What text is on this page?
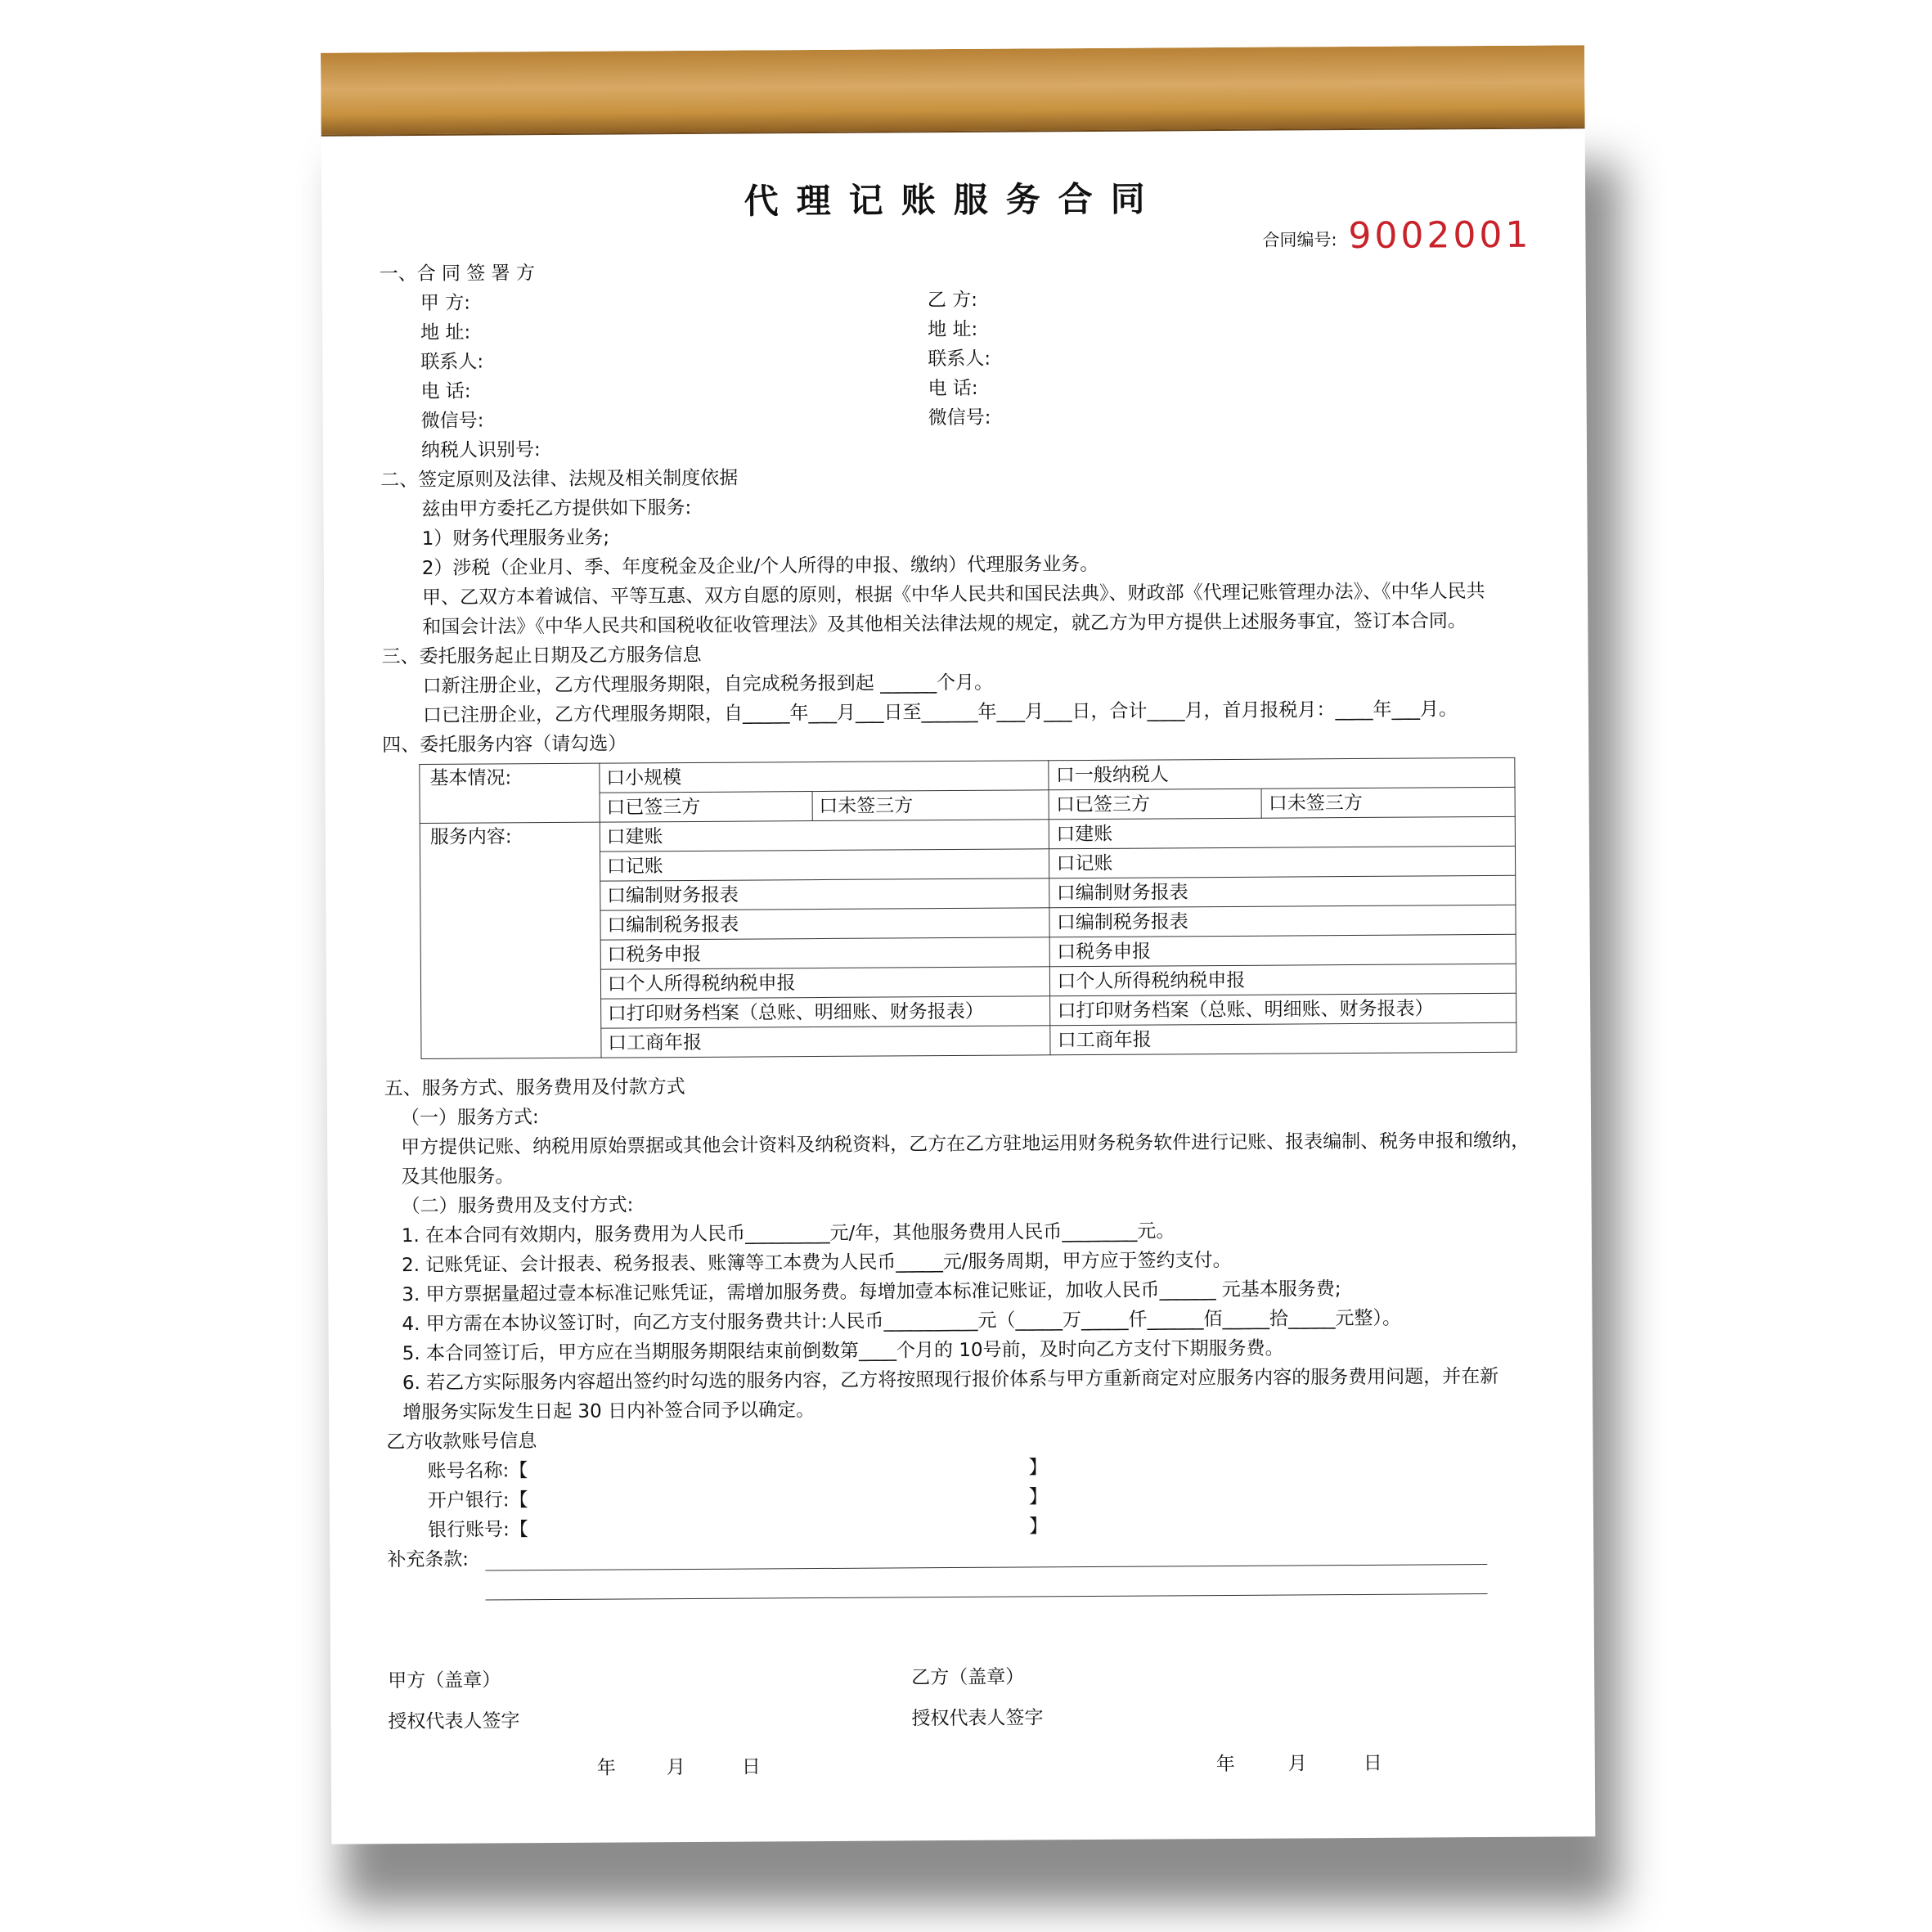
代理记账服务合同
合同编号: 9002001
一、合 同 签 署 方
甲 方:
地 址:
联系人:
电 话:
微信号:
纳税人识别号:
乙 方:
地 址:
联系人:
电 话:
微信号:
二、签定原则及法律、法规及相关制度依据
兹由甲方委托乙方提供如下服务:
1）财务代理服务业务;
2）涉税（企业月、季、年度税金及企业/个人所得的申报、缴纳）代理服务业务。
甲、乙双方本着诚信、平等互惠、双方自愿的原则，根据《中华人民共和国民法典》、财政部《代理记账管理办法》、《中华人民共
和国会计法》《中华人民共和国税收征收管理法》及其他相关法律法规的规定，就乙方为甲方提供上述服务事宜，签订本合同。
三、委托服务起止日期及乙方服务信息
口新注册企业，乙方代理服务期限，自完成税务报到起 ______个月。
口已注册企业，乙方代理服务期限，自_____年___月___日至______年___月___日，合计____月，首月报税月：____年___月。
四、委托服务内容（请勾选）
基本情况:	口小规模		口一般纳税人	
	口已签三方	口未签三方	口已签三方	口未签三方
服务内容:	口建账		口建账	
	口记账		口记账	
	口编制财务报表		口编制财务报表	
	口编制税务报表		口编制税务报表	
	口税务申报		口税务申报	
	口个人所得税纳税申报		口个人所得税纳税申报	
	口打印财务档案（总账、明细账、财务报表）		口打印财务档案（总账、明细账、财务报表）	
	口工商年报		口工商年报	
五、服务方式、服务费用及付款方式
（一）服务方式:
甲方提供记账、纳税用原始票据或其他会计资料及纳税资料，乙方在乙方驻地运用财务税务软件进行记账、报表编制、税务申报和缴纳，
及其他服务。
（二）服务费用及支付方式:
1. 在本合同有效期内，服务费用为人民币_________元/年，其他服务费用人民币________元。
2. 记账凭证、会计报表、税务报表、账簿等工本费为人民币_____元/服务周期，甲方应于签约支付。
3. 甲方票据量超过壹本标准记账凭证，需增加服务费。每增加壹本标准记账证，加收人民币______ 元基本服务费;
4. 甲方需在本协议签订时，向乙方支付服务费共计:人民币__________元（_____万_____仟______佰_____拾_____元整）。
5. 本合同签订后，甲方应在当期服务期限结束前倒数第____个月的 10号前，及时向乙方支付下期服务费。
6. 若乙方实际服务内容超出签约时勾选的服务内容，乙方将按照现行报价体系与甲方重新商定对应服务内容的服务费用问题，并在新
增服务实际发生日起 30 日内补签合同予以确定。
乙方收款账号信息
账号名称:【	】
开户银行:【	】
银行账号:【	】
补充条款:
甲方（盖章）	乙方（盖章）
授权代表人签字	授权代表人签字
年	月	日	年	月	日
